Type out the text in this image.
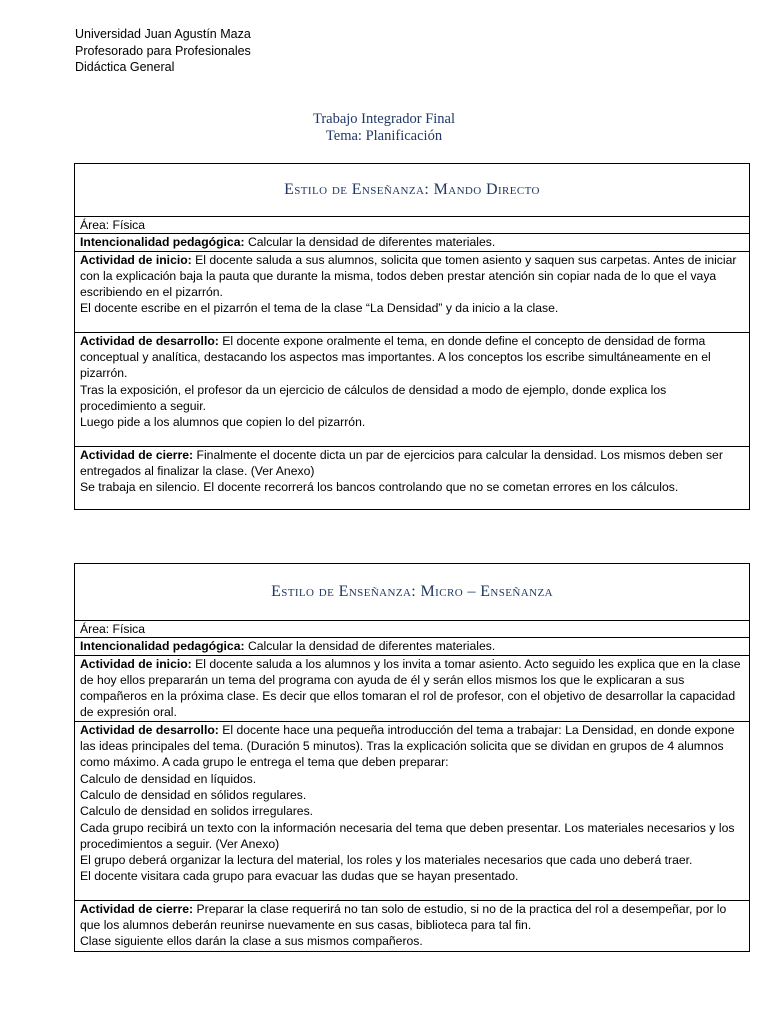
Universidad Juan Agustín Maza
Profesorado para Profesionales
Didáctica General
Trabajo Integrador Final
Tema: Planificación
Estilo de Enseñanza: Mando Directo
Área: Física
Intencionalidad pedagógica: Calcular la densidad de diferentes materiales.
Actividad de inicio: El docente saluda a sus alumnos, solicita que tomen asiento y saquen sus carpetas. Antes de iniciar con la explicación baja la pauta que durante la misma, todos deben prestar atención sin copiar nada de lo que el vaya escribiendo en el pizarrón.
El docente escribe en el pizarrón el tema de la clase “La Densidad” y da inicio a la clase.
Actividad de desarrollo: El docente expone oralmente el tema, en donde define el concepto de densidad de forma conceptual y analítica, destacando los aspectos mas importantes. A los conceptos los escribe simultáneamente en el pizarrón.
Tras la exposición, el profesor da un ejercicio de cálculos de densidad a modo de ejemplo, donde explica los procedimiento a seguir.
Luego pide a los alumnos que copien lo del pizarrón.
Actividad de cierre: Finalmente el docente dicta un par de ejercicios para calcular la densidad. Los mismos deben ser entregados al finalizar la clase. (Ver Anexo)
Se trabaja en silencio. El docente recorrerá los bancos controlando que no se cometan errores en los cálculos.
Estilo de Enseñanza: Micro – Enseñanza
Área: Física
Intencionalidad pedagógica: Calcular la densidad de diferentes materiales.
Actividad de inicio: El docente saluda a los alumnos y los invita a tomar asiento. Acto seguido les explica que en la clase de hoy ellos prepararán un tema del programa con ayuda de él y serán ellos mismos los que le explicaran a sus compañeros en la próxima clase. Es decir que ellos tomaran el rol de profesor, con el objetivo de desarrollar la capacidad de expresión oral.
Actividad de desarrollo: El docente hace una pequeña introducción del tema a trabajar: La Densidad, en donde expone las ideas principales del tema. (Duración 5 minutos). Tras la explicación solicita que se dividan en grupos de 4 alumnos como máximo. A cada grupo le entrega el tema que deben preparar:
Calculo de densidad en líquidos.
Calculo de densidad en sólidos regulares.
Calculo de densidad en solidos irregulares.
Cada grupo recibirá un texto con la información necesaria del tema que deben presentar. Los materiales necesarios y los procedimientos a seguir. (Ver Anexo)
El grupo deberá organizar la lectura del material, los roles y los materiales necesarios que cada uno deberá traer.
El docente visitara cada grupo para evacuar las dudas que se hayan presentado.
Actividad de cierre: Preparar la clase requerirá no tan solo de estudio, si no de la practica del rol a desempeñar, por lo que los alumnos deberán reunirse nuevamente en sus casas, biblioteca para tal fin.
Clase siguiente ellos darán la clase a sus mismos compañeros.
